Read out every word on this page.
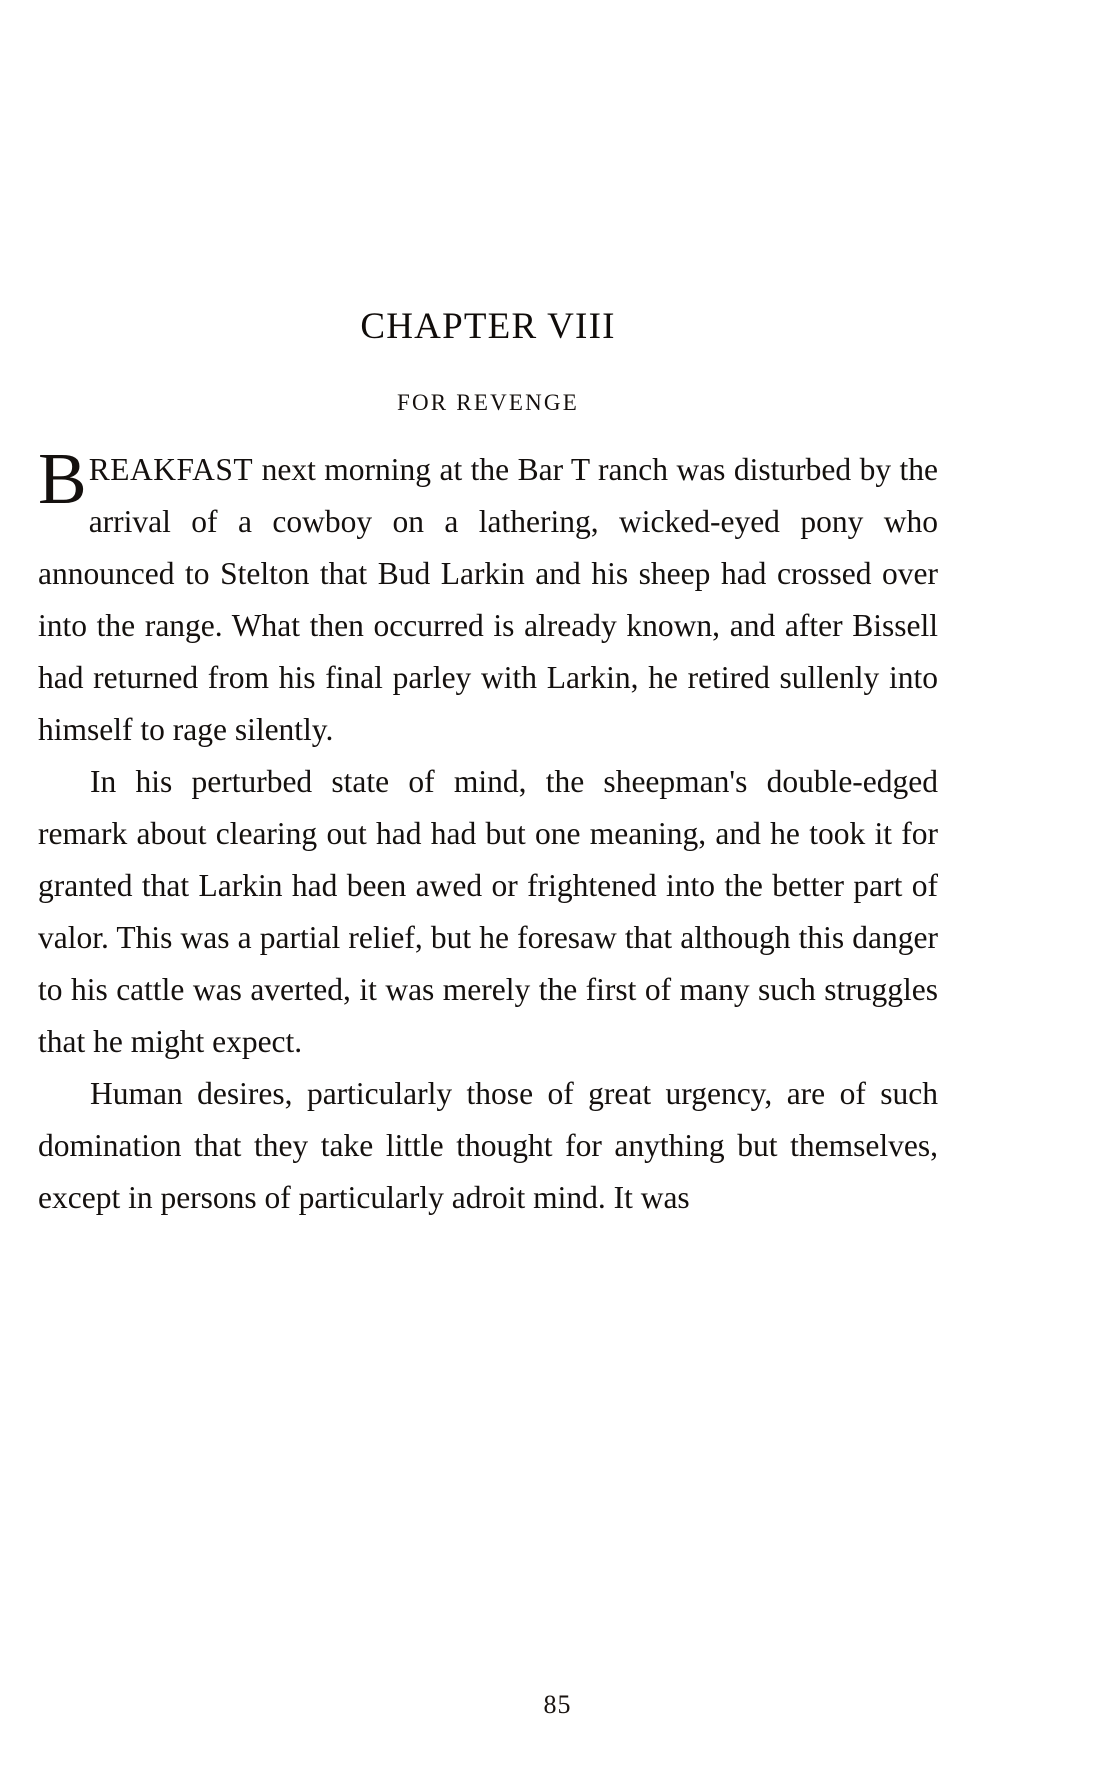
CHAPTER VIII
FOR REVENGE

BREAKFAST next morning at the Bar T ranch was disturbed by the arrival of a cowboy on a lathering, wicked-eyed pony who announced to Stelton that Bud Larkin and his sheep had crossed over into the range. What then occurred is already known, and after Bissell had returned from his final parley with Larkin, he retired sullenly into himself to rage silently.

In his perturbed state of mind, the sheepman's double-edged remark about clearing out had had but one meaning, and he took it for granted that Larkin had been awed or frightened into the better part of valor. This was a partial relief, but he foresaw that although this danger to his cattle was averted, it was merely the first of many such struggles that he might expect.

Human desires, particularly those of great urgency, are of such domination that they take little thought for anything but themselves, except in persons of particularly adroit mind. It was

85
